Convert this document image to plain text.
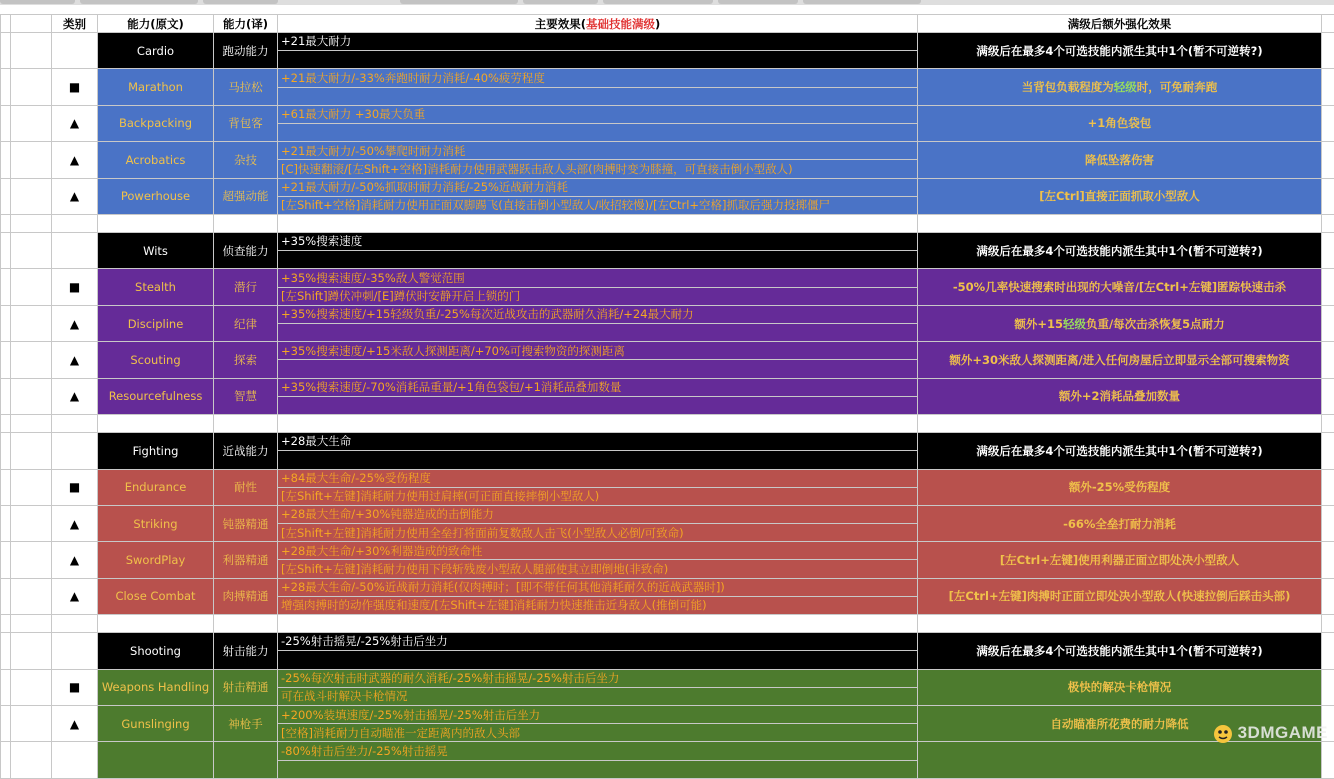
		类别	能力(原文)	能力(译)	主要效果(基础技能满级)	满级后额外强化效果	
			Cardio	跑动能力	+21最大耐力	满级后在最多4个可选技能内派生其中1个(暂不可逆转?)	

		■	Marathon	马拉松	+21最大耐力/-33%奔跑时耐力消耗/-40%疲劳程度	当背包负载程度为轻级时，可免耐奔跑	

		▲	Backpacking	背包客	+61最大耐力 +30最大负重	+1角色袋包	

		▲	Acrobatics	杂技	+21最大耐力/-50%攀爬时耐力消耗	降低坠落伤害	
					[C]快速翻滚/[左Shift+空格]消耗耐力使用武器跃击敌人头部(肉搏时变为膝撞，可直接击倒小型敌人)		
		▲	Powerhouse	超强动能	+21最大耐力/-50%抓取时耐力消耗/-25%近战耐力消耗	[左Ctrl]直接正面抓取小型敌人	
					[左Shift+空格]消耗耐力使用正面双脚踢飞(直接击倒小型敌人/收招较慢)/[左Ctrl+空格]抓取后强力投掷僵尸		

			Wits	侦查能力	+35%搜索速度	满级后在最多4个可选技能内派生其中1个(暂不可逆转?)	

		■	Stealth	潜行	+35%搜索速度/-35%敌人警觉范围	-50%几率快速搜索时出现的大噪音/[左Ctrl+左键]匿踪快速击杀	
					[左Shift]蹲伏冲刺/[E]蹲伏时安静开启上锁的门		
		▲	Discipline	纪律	+35%搜索速度/+15轻级负重/-25%每次近战攻击的武器耐久消耗/+24最大耐力	额外+15轻级负重/每次击杀恢复5点耐力	

		▲	Scouting	探索	+35%搜索速度/+15米敌人探测距离/+70%可搜索物资的探测距离	额外+30米敌人探测距离/进入任何房屋后立即显示全部可搜索物资	

		▲	Resourcefulness	智慧	+35%搜索速度/-70%消耗品重量/+1角色袋包/+1消耗品叠加数量	额外+2消耗品叠加数量	

			Fighting	近战能力	+28最大生命	满级后在最多4个可选技能内派生其中1个(暂不可逆转?)	

		■	Endurance	耐性	+84最大生命/-25%受伤程度	额外-25%受伤程度	
					[左Shift+左键]消耗耐力使用过肩摔(可正面直接摔倒小型敌人)		
		▲	Striking	钝器精通	+28最大生命/+30%钝器造成的击倒能力	-66%全垒打耐力消耗	
					[左Shift+左键]消耗耐力使用全垒打将面前复数敌人击飞(小型敌人必倒/可致命)		
		▲	SwordPlay	利器精通	+28最大生命/+30%利器造成的致命性	[左Ctrl+左键]使用利器正面立即处决小型敌人	
					[左Shift+左键]消耗耐力使用下段斩残废小型敌人腿部使其立即倒地(非致命)		
		▲	Close Combat	肉搏精通	+28最大生命/-50%近战耐力消耗(仅肉搏时；[即不带任何其他消耗耐久的近战武器时])	[左Ctrl+左键]肉搏时正面立即处决小型敌人(快速拉倒后踩击头部)	
					增强肉搏时的动作强度和速度/[左Shift+左键]消耗耐力快速推击近身敌人(推倒可能)		

			Shooting	射击能力	-25%射击摇晃/-25%射击后坐力	满级后在最多4个可选技能内派生其中1个(暂不可逆转?)	

		■	Weapons Handling	射击精通	-25%每次射击时武器的耐久消耗/-25%射击摇晃/-25%射击后坐力	极快的解决卡枪情况	
					可在战斗时解决卡枪情况		
		▲	Gunslinging	神枪手	+200%装填速度/-25%射击摇晃/-25%射击后坐力	自动瞄准所花费的耐力降低	
					[空格]消耗耐力自动瞄准一定距离内的敌人头部		
					-80%射击后坐力/-25%射击摇晃		

3DMGAME
